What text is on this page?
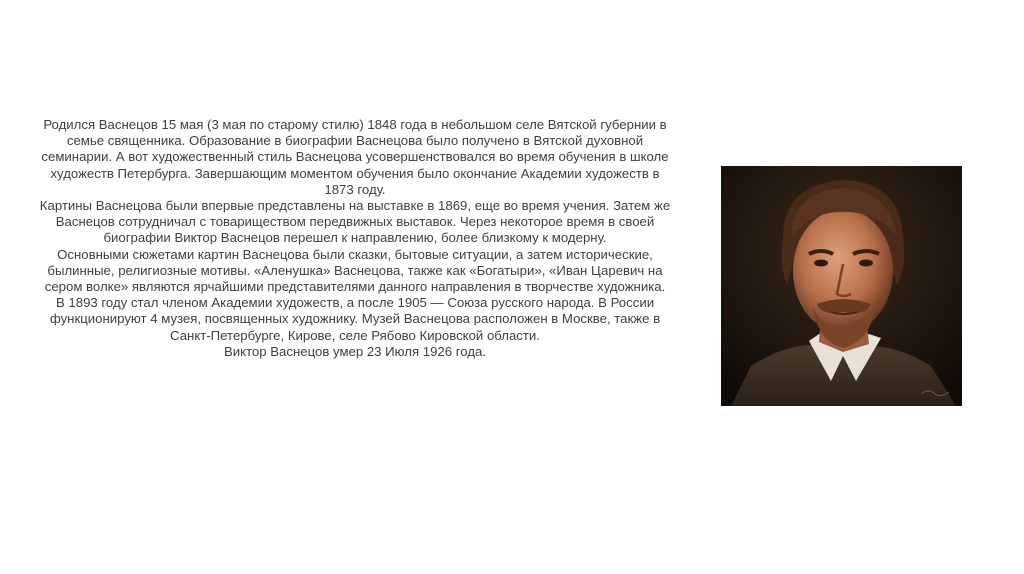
Родился Васнецов 15 мая (3 мая по старому стилю) 1848 года в небольшом селе Вятской губернии в
семье священника. Образование в биографии Васнецова было получено в Вятской духовной
семинарии. А вот художественный стиль Васнецова усовершенствовался во время обучения в школе
художеств Петербурга. Завершающим моментом обучения было окончание Академии художеств в
1873 году.
Картины Васнецова были впервые представлены на выставке в 1869, еще во время учения. Затем же
Васнецов сотрудничал с товариществом передвижных выставок. Через некоторое время в своей
биографии Виктор Васнецов перешел к направлению, более близкому к модерну.
Основными сюжетами картин Васнецова были сказки, бытовые ситуации, а затем исторические,
былинные, религиозные мотивы. «Аленушка» Васнецова, также как «Богатыри», «Иван Царевич на
сером волке» являются ярчайшими представителями данного направления в творчестве художника.
В 1893 году стал членом Академии художеств, а после 1905 — Союза русского народа. В России
функционируют 4 музея, посвященных художнику. Музей Васнецова расположен в Москве, также в
Санкт-Петербурге, Кирове, селе Рябово Кировской области.
Виктор Васнецов умер 23 Июля 1926 года.
